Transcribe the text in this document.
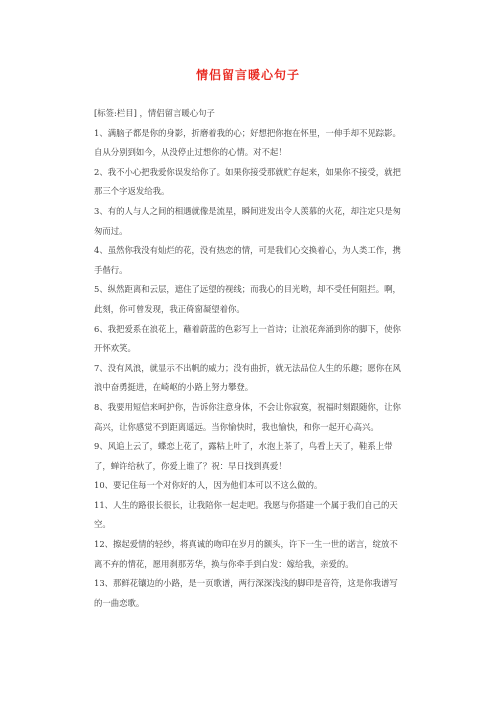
情侣留言暖心句子

[标签:栏目] ，情侣留言暖心句子

1、满脑子都是你的身影，折磨着我的心；好想把你抱在怀里，一伸手却不见踪影。自从分别到如今，从没停止过想你的心情。对不起！

2、我不小心把我爱你误发给你了。如果你接受那就贮存起来，如果你不接受，就把那三个字返发给我。

3、有的人与人之间的相遇就像是流星，瞬间迸发出令人羡慕的火花，却注定只是匆匆而过。

4、虽然你我没有灿烂的花，没有热恋的情，可是我们心交换着心，为人类工作，携手偕行。

5、纵然距离和云层，遮住了远望的视线；而我心的目光哟，却不受任何阻拦。啊，此刻，你可曾发现，我正倚窗凝望着你。

6、我把爱系在浪花上，蘸着蔚蓝的色彩写上一首诗；让浪花奔涌到你的脚下，使你开怀欢笑。

7、没有风浪，就显示不出帆的威力；没有曲折，就无法品位人生的乐趣；愿你在风浪中奋勇挺进，在崎岖的小路上努力攀登。

8、我要用短信来呵护你，告诉你注意身体，不会让你寂寞，祝福时刻跟随你，让你高兴，让你感觉不到距离遥远。当你愉快时，我也愉快，和你一起开心高兴。

9、风追上云了，蝶恋上花了，露粘上叶了，水泡上茶了，鸟看上天了，鞋系上带了，蝉许给秋了，你爱上谁了？祝：早日找到真爱！

10、要记住每一个对你好的人，因为他们本可以不这么做的。

11、人生的路很长很长，让我陪你一起走吧。我愿与你搭建一个属于我们自己的天空。

12、擦起爱情的轻纱，将真诚的吻印在岁月的额头，许下一生一世的诺言，绽放不离不弃的情花，愿用刹那芳华，换与你牵手到白发：嫁给我，亲爱的。

13、那鲜花镶边的小路，是一页歌谱，两行深深浅浅的脚印是音符，这是你我谱写的一曲恋歌。
